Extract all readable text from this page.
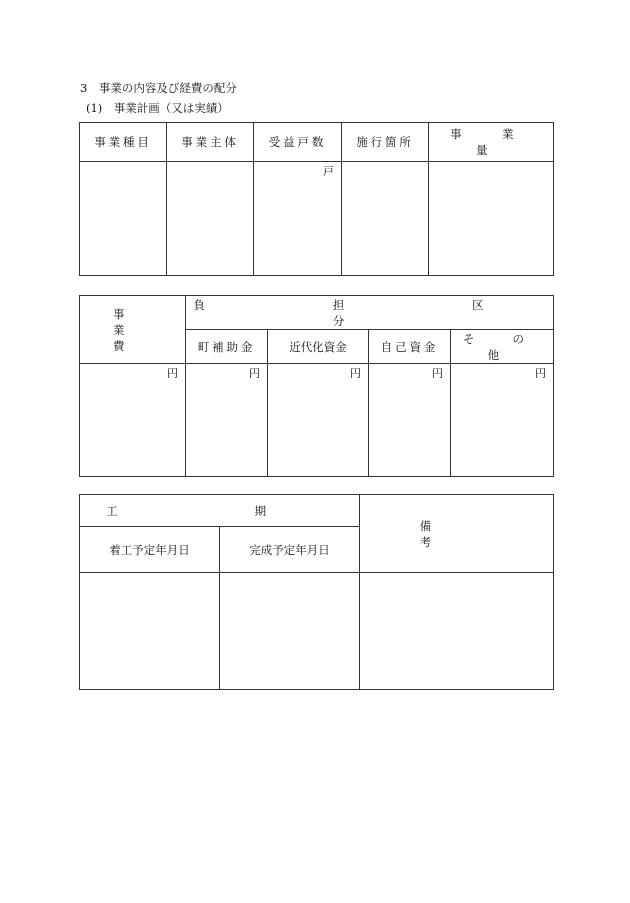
3　事業の内容及び経費の配分
(1)　事業計画（又は実績）
事業種目	事業主体	受益戸数	施行箇所	事 業 量
		戸		
事 業 費	負 担 区 分			
	町補助金	近代化資金	自己資金	そ の 他
円	円	円	円	円
工 期		備 考
着工予定年月日	完成予定年月日	
